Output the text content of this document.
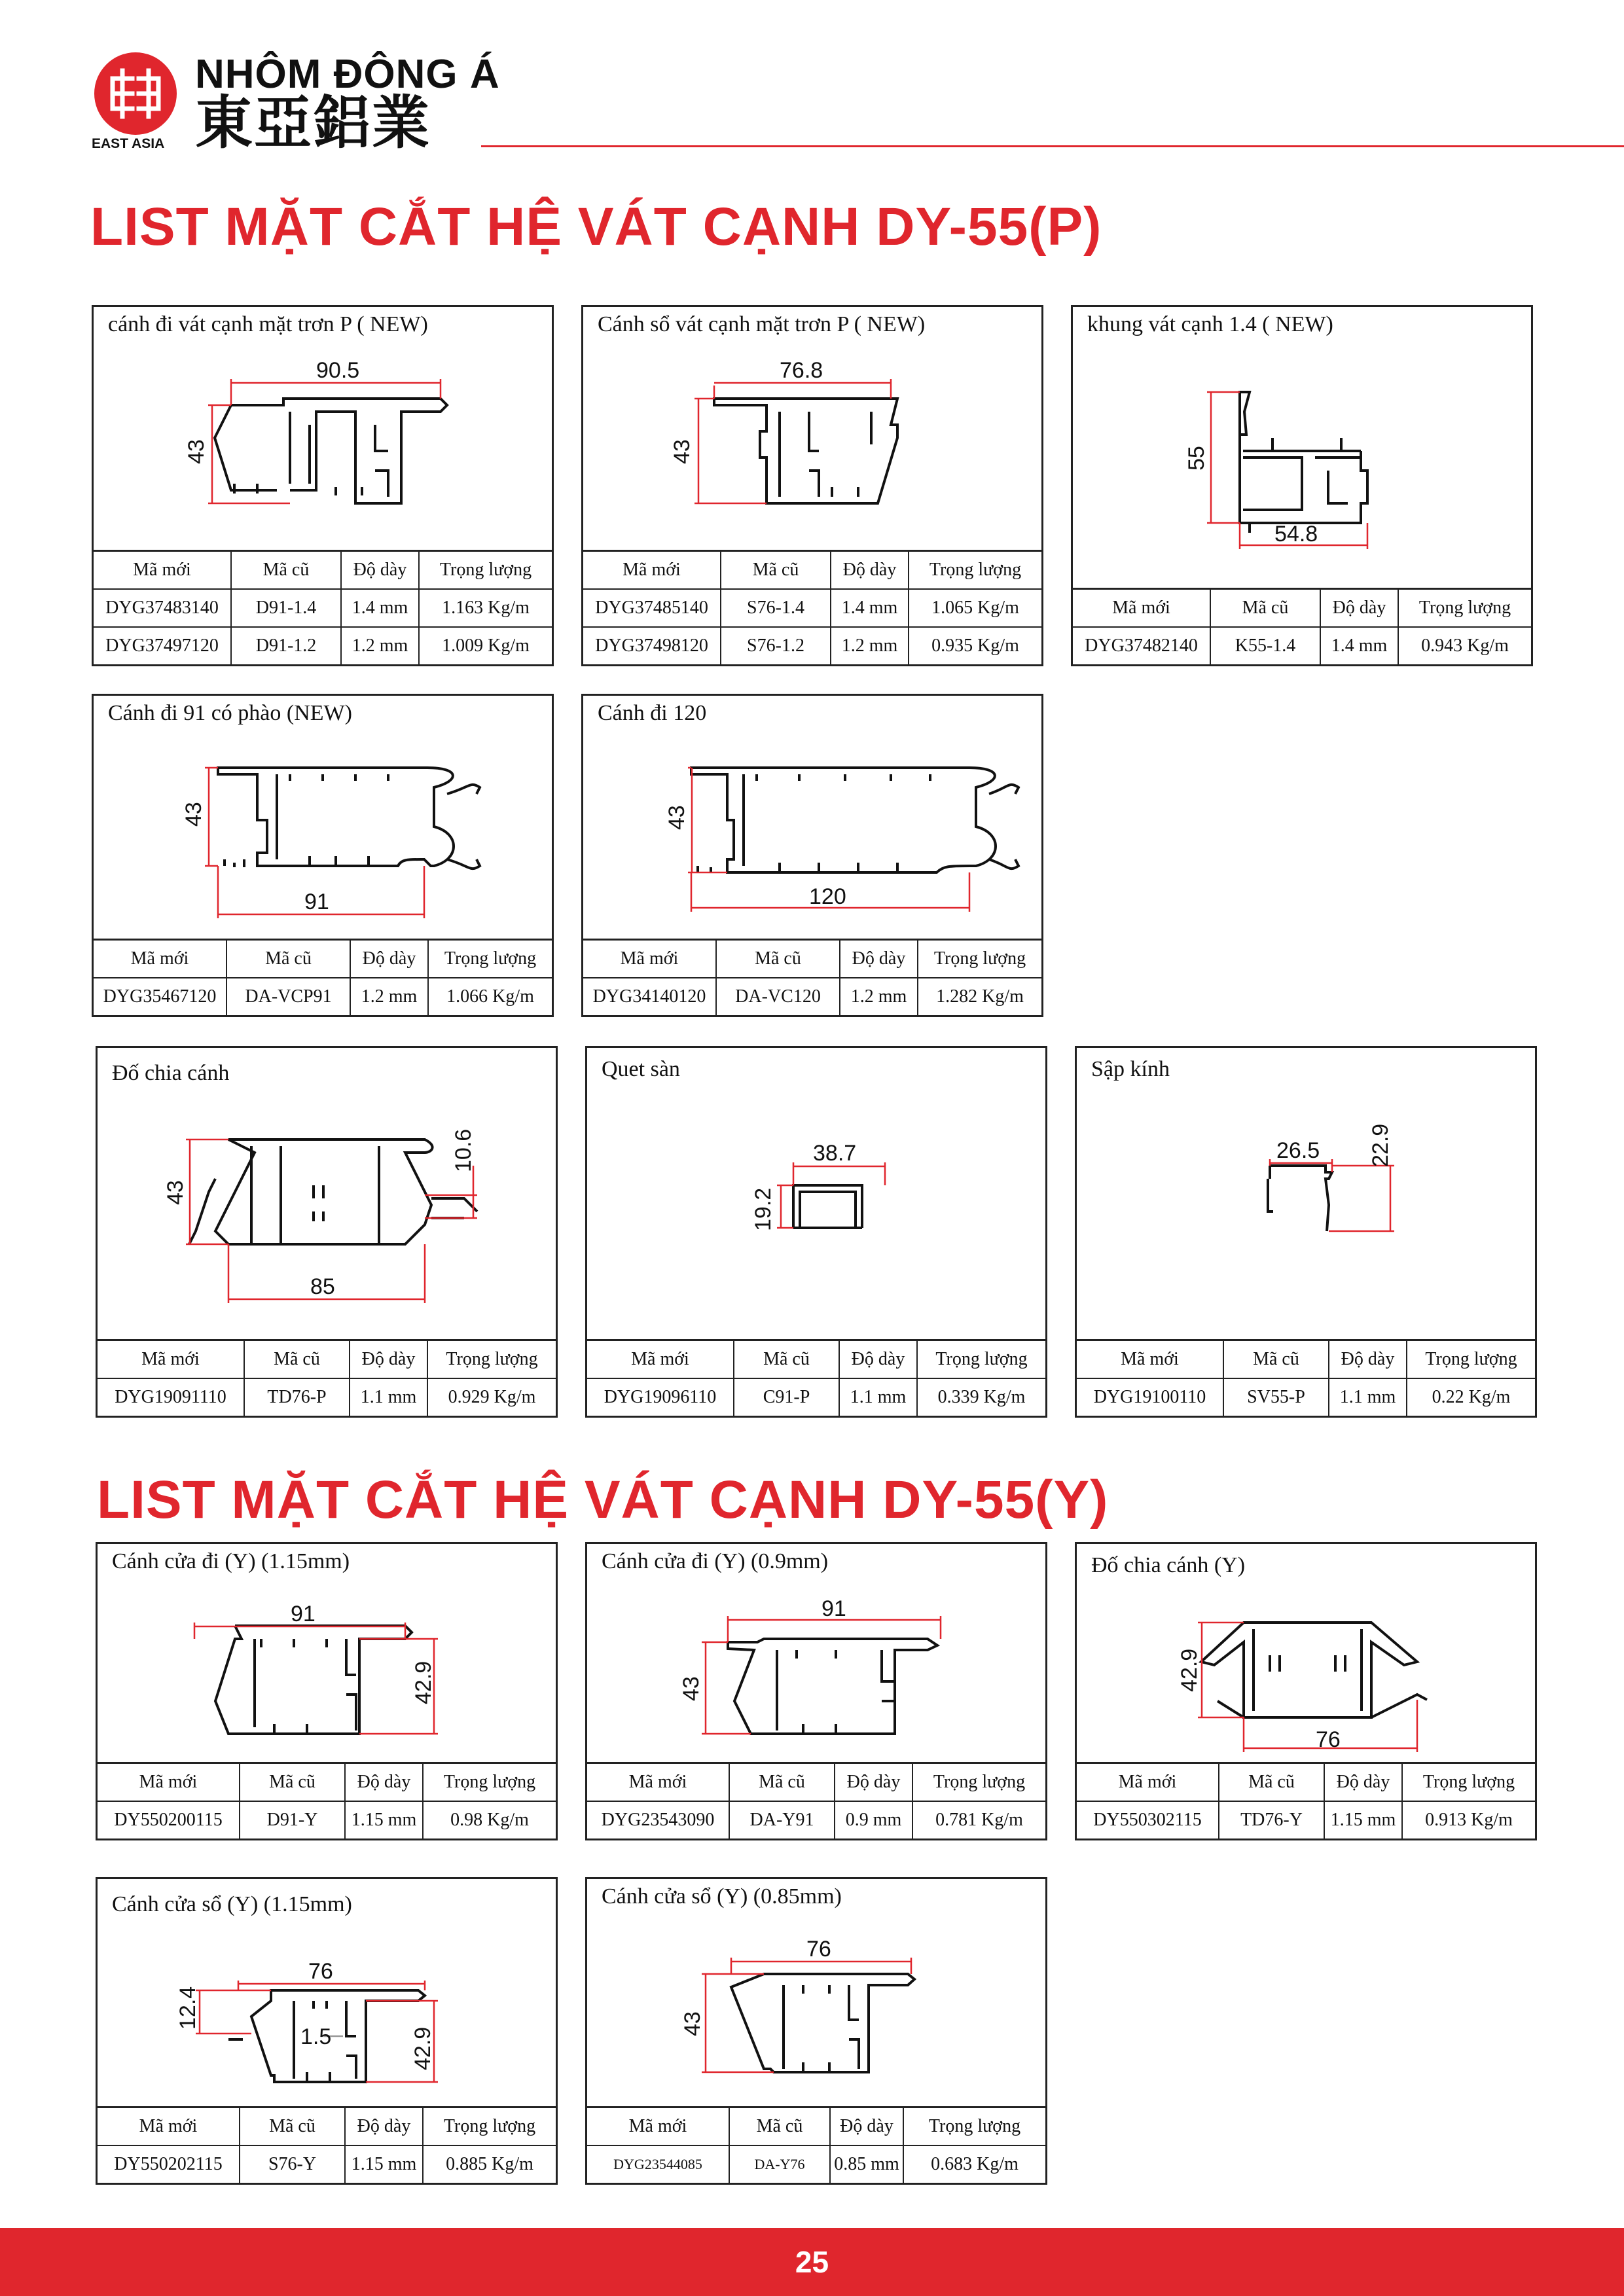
NHÔM ĐÔNG Á
東亞鋁業
EAST ASIA
LIST MẶT CẮT HỆ VÁT CẠNH DY-55(P)
cánh đi vát cạnh mặt trơn P ( NEW)
90.5
43
Mã mới	Mã cũ	Độ dày	Trọng lượng
DYG37483140	D91-1.4	1.4 mm	1.163 Kg/m
DYG37497120	D91-1.2	1.2 mm	1.009 Kg/m
Cánh sổ vát cạnh mặt trơn P ( NEW)
76.8
43
Mã mới	Mã cũ	Độ dày	Trọng lượng
DYG37485140	S76-1.4	1.4 mm	1.065 Kg/m
DYG37498120	S76-1.2	1.2 mm	0.935 Kg/m
khung vát cạnh 1.4 ( NEW)
55
54.8
Mã mới	Mã cũ	Độ dày	Trọng lượng
DYG37482140	K55-1.4	1.4 mm	0.943 Kg/m
Cánh đi 91 có phào (NEW)
43
91
Mã mới	Mã cũ	Độ dày	Trọng lượng
DYG35467120	DA-VCP91	1.2 mm	1.066 Kg/m
Cánh đi 120
43
120
Mã mới	Mã cũ	Độ dày	Trọng lượng
DYG34140120	DA-VC120	1.2 mm	1.282 Kg/m
Đố chia cánh
43
10.6
85
Mã mới	Mã cũ	Độ dày	Trọng lượng
DYG19091110	TD76-P	1.1 mm	0.929 Kg/m
Quet sàn
38.7
19.2
Mã mới	Mã cũ	Độ dày	Trọng lượng
DYG19096110	C91-P	1.1 mm	0.339 Kg/m
Sập kính
26.5 22.9
Mã mới	Mã cũ	Độ dày	Trọng lượng
DYG19100110	SV55-P	1.1 mm	0.22 Kg/m
LIST MẶT CẮT HỆ VÁT CẠNH DY-55(Y)
Cánh cửa đi (Y) (1.15mm)
91
42.9
Mã mới	Mã cũ	Độ dày	Trọng lượng
DY550200115	D91-Y	1.15 mm	0.98 Kg/m
Cánh cửa đi (Y) (0.9mm)
91
43
Mã mới	Mã cũ	Độ dày	Trọng lượng
DYG23543090	DA-Y91	0.9 mm	0.781 Kg/m
Đố chia cánh (Y)
42.9
76
Mã mới	Mã cũ	Độ dày	Trọng lượng
DY550302115	TD76-Y	1.15 mm	0.913 Kg/m
Cánh cửa sổ (Y) (1.15mm)
76
12.4
1.5	42.9
Mã mới	Mã cũ	Độ dày	Trọng lượng
DY550202115	S76-Y	1.15 mm	0.885 Kg/m
Cánh cửa sổ (Y) (0.85mm)
76
43
Mã mới	Mã cũ	Độ dày	Trọng lượng
DYG23544085	DA-Y76	0.85 mm	0.683 Kg/m
25
